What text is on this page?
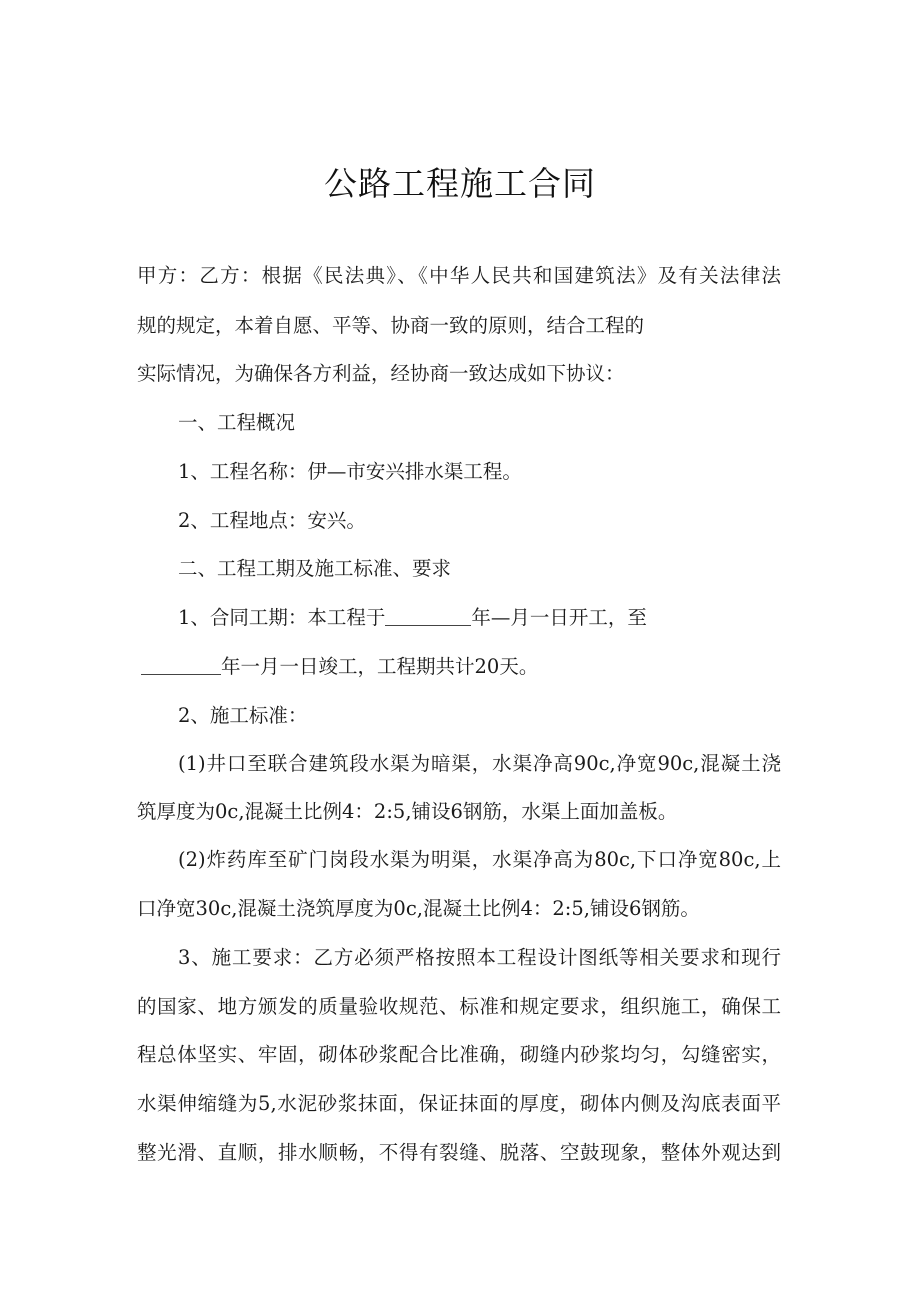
公路工程施工合同
甲方：乙方：根据《民法典》、《中华人民共和国建筑法》及有关法律法
规的规定，本着自愿、平等、协商一致的原则，结合工程的
实际情况，为确保各方利益，经协商一致达成如下协议：
一、工程概况
1、工程名称：伊—市安兴排水渠工程。
2、工程地点：安兴。
二、工程工期及施工标准、要求
1、合同工期：本工程于	年—月一日开工，至
年一月一日竣工，工程期共计20天。
2、施工标准：
(1)井口至联合建筑段水渠为暗渠，水渠净高90c,净宽90c,混凝土浇
筑厚度为0c,混凝土比例4：2:5,铺设6钢筋，水渠上面加盖板。
(2)炸药库至矿门岗段水渠为明渠，水渠净高为80c,下口净宽80c,上
口净宽30c,混凝土浇筑厚度为0c,混凝土比例4：2:5,铺设6钢筋。
3、施工要求：乙方必须严格按照本工程设计图纸等相关要求和现行
的国家、地方颁发的质量验收规范、标准和规定要求，组织施工，确保工
程总体坚实、牢固，砌体砂浆配合比准确，砌缝内砂浆均匀，勾缝密实，
水渠伸缩缝为5,水泥砂浆抹面，保证抹面的厚度，砌体内侧及沟底表面平
整光滑、直顺，排水顺畅，不得有裂缝、脱落、空鼓现象，整体外观达到
